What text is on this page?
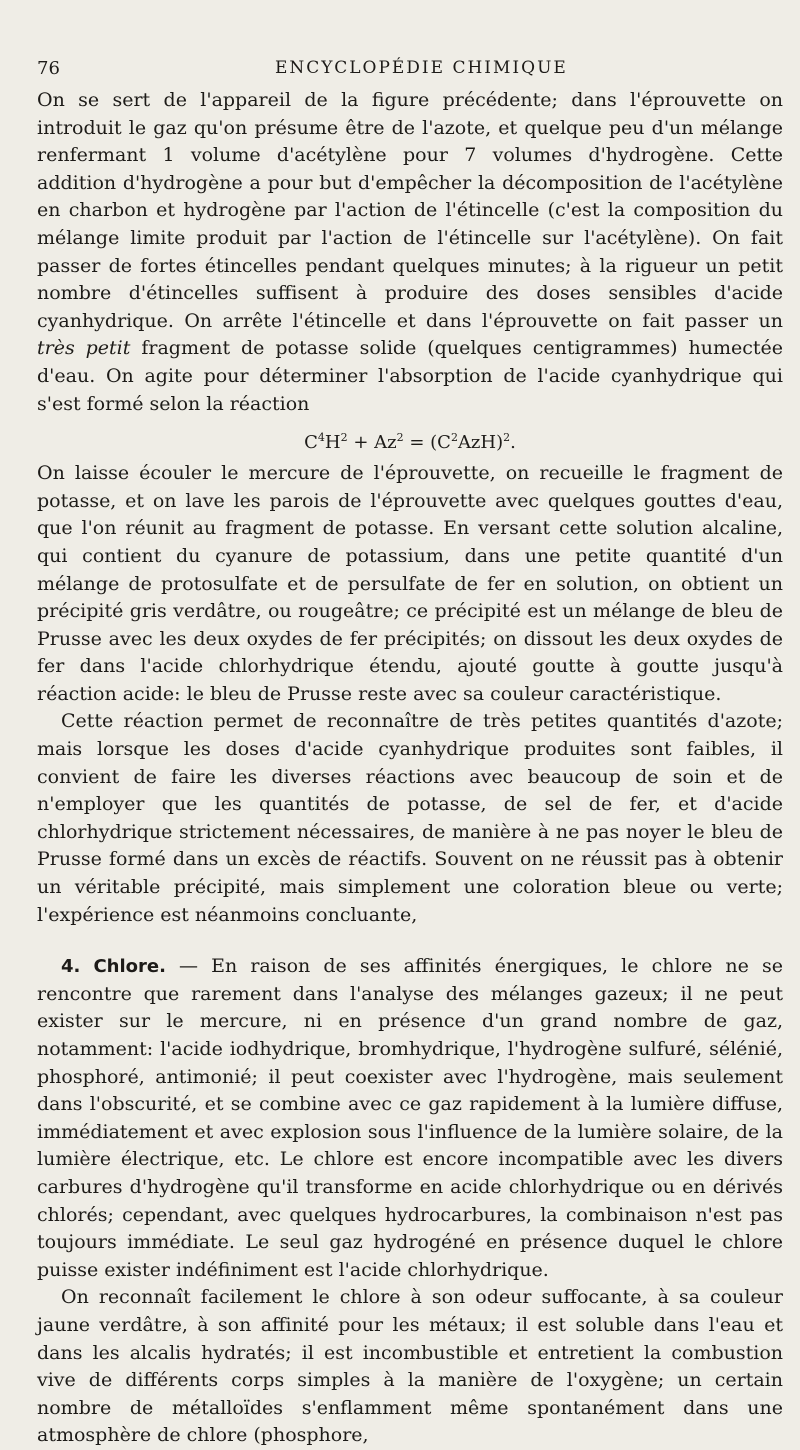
76	ENCYCLOPÉDIE CHIMIQUE

On se sert de l'appareil de la figure précédente; dans l'éprouvette on introduit le gaz qu'on présume être de l'azote, et quelque peu d'un mélange renfermant 1 volume d'acétylène pour 7 volumes d'hydrogène. Cette addition d'hydrogène a pour but d'empêcher la décomposition de l'acétylène en charbon et hydrogène par l'action de l'étincelle (c'est la composition du mélange limite produit par l'action de l'étincelle sur l'acétylène). On fait passer de fortes étincelles pendant quelques minutes; à la rigueur un petit nombre d'étincelles suffisent à produire des doses sensibles d'acide cyanhydrique. On arrête l'étincelle et dans l'éprouvette on fait passer un très petit fragment de potasse solide (quelques centigrammes) humectée d'eau. On agite pour déterminer l'absorption de l'acide cyanhydrique qui s'est formé selon la réaction

$C^4H^2 + Az^2 = (C^2AzH)^2$.

On laisse écouler le mercure de l'éprouvette, on recueille le fragment de potasse, et on lave les parois de l'éprouvette avec quelques gouttes d'eau, que l'on réunit au fragment de potasse. En versant cette solution alcaline, qui contient du cyanure de potassium, dans une petite quantité d'un mélange de protosulfate et de persulfate de fer en solution, on obtient un précipité gris verdâtre, ou rougeâtre; ce précipité est un mélange de bleu de Prusse avec les deux oxydes de fer précipités; on dissout les deux oxydes de fer dans l'acide chlorhydrique étendu, ajouté goutte à goutte jusqu'à réaction acide: le bleu de Prusse reste avec sa couleur caractéristique.

Cette réaction permet de reconnaître de très petites quantités d'azote; mais lorsque les doses d'acide cyanhydrique produites sont faibles, il convient de faire les diverses réactions avec beaucoup de soin et de n'employer que les quantités de potasse, de sel de fer, et d'acide chlorhydrique strictement nécessaires, de manière à ne pas noyer le bleu de Prusse formé dans un excès de réactifs. Souvent on ne réussit pas à obtenir un véritable précipité, mais simplement une coloration bleue ou verte; l'expérience est néanmoins concluante,

4. Chlore. — En raison de ses affinités énergiques, le chlore ne se rencontre que rarement dans l'analyse des mélanges gazeux; il ne peut exister sur le mercure, ni en présence d'un grand nombre de gaz, notamment: l'acide iodhydrique, bromhydrique, l'hydrogène sulfuré, sélénié, phosphoré, antimonié; il peut coexister avec l'hydrogène, mais seulement dans l'obscurité, et se combine avec ce gaz rapidement à la lumière diffuse, immédiatement et avec explosion sous l'influence de la lumière solaire, de la lumière électrique, etc. Le chlore est encore incompatible avec les divers carbures d'hydrogène qu'il transforme en acide chlorhydrique ou en dérivés chlorés; cependant, avec quelques hydrocarbures, la combinaison n'est pas toujours immédiate. Le seul gaz hydrogéné en présence duquel le chlore puisse exister indéfiniment est l'acide chlorhydrique.

On reconnaît facilement le chlore à son odeur suffocante, à sa couleur jaune verdâtre, à son affinité pour les métaux; il est soluble dans l'eau et dans les alcalis hydratés; il est incombustible et entretient la combustion vive de différents corps simples à la manière de l'oxygène; un certain nombre de métalloïdes s'enflamment même spontanément dans une atmosphère de chlore (phosphore,
